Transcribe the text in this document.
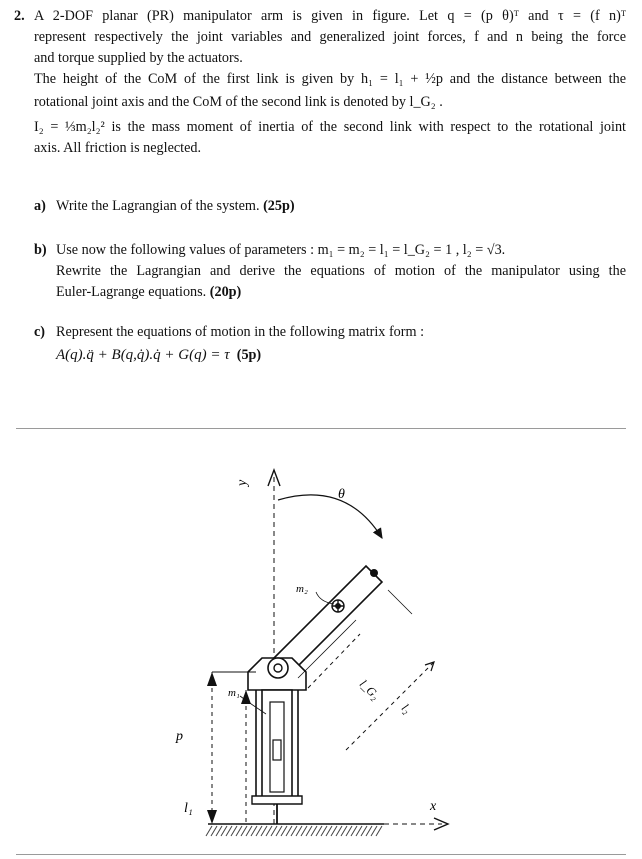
2. A 2-DOF planar (PR) manipulator arm is given in figure. Let q = (p θ)ᵀ and τ = (f n)ᵀ
represent respectively the joint variables and generalized joint forces, f and n being the force
and torque supplied by the actuators.
The height of the CoM of the first link is given by h₁ = l₁ + ½p and the distance between the
rotational joint axis and the CoM of the second link is denoted by l_G₂ .
I₂ = ⅓m₂l₂² is the mass moment of inertia of the second link with respect to the rotational joint
axis. All friction is neglected.
a) Write the Lagrangian of the system. (25p)
b) Use now the following values of parameters : m₁ = m₂ = l₁ = l_G₂ = 1 , l₂ = √3.
Rewrite the Lagrangian and derive the equations of motion of the manipulator using the
Euler-Lagrange equations. (20p)
c) Represent the equations of motion in the following matrix form :
A(q).q̈ + B(q,q̇).q̇ + G(q) = τ (5p)
y
x
θ
m₂
m₁
p
l₁
l_G₂
l₂
